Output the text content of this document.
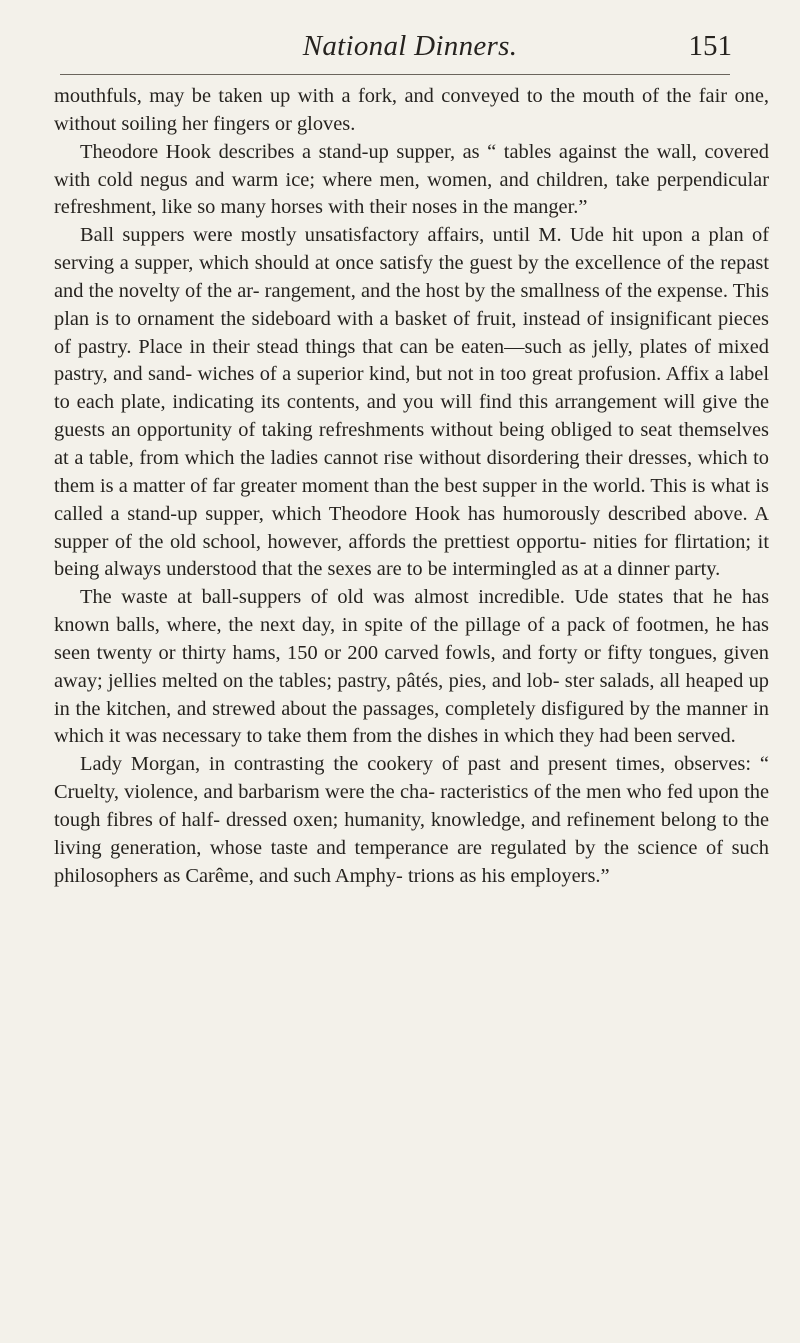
National Dinners.	151

mouthfuls, may be taken up with a fork, and conveyed to the mouth of the fair one, without soiling her fingers or gloves.

Theodore Hook describes a stand-up supper, as “ tables against the wall, covered with cold negus and warm ice; where men, women, and children, take perpendicular refreshment, like so many horses with their noses in the manger.”

Ball suppers were mostly unsatisfactory affairs, until M. Ude hit upon a plan of serving a supper, which should at once satisfy the guest by the excellence of the repast and the novelty of the ar- rangement, and the host by the smallness of the expense. This plan is to ornament the sideboard with a basket of fruit, instead of insignificant pieces of pastry. Place in their stead things that can be eaten—such as jelly, plates of mixed pastry, and sand- wiches of a superior kind, but not in too great profusion. Affix a label to each plate, indicating its contents, and you will find this arrangement will give the guests an opportunity of taking refreshments without being obliged to seat themselves at a table, from which the ladies cannot rise without disordering their dresses, which to them is a matter of far greater moment than the best supper in the world. This is what is called a stand-up supper, which Theodore Hook has humorously described above. A supper of the old school, however, affords the prettiest opportu- nities for flirtation; it being always understood that the sexes are to be intermingled as at a dinner party.

The waste at ball-suppers of old was almost incredible. Ude states that he has known balls, where, the next day, in spite of the pillage of a pack of footmen, he has seen twenty or thirty hams, 150 or 200 carved fowls, and forty or fifty tongues, given away; jellies melted on the tables; pastry, pâtés, pies, and lob- ster salads, all heaped up in the kitchen, and strewed about the passages, completely disfigured by the manner in which it was necessary to take them from the dishes in which they had been served.

Lady Morgan, in contrasting the cookery of past and present times, observes: “ Cruelty, violence, and barbarism were the cha- racteristics of the men who fed upon the tough fibres of half- dressed oxen; humanity, knowledge, and refinement belong to the living generation, whose taste and temperance are regulated by the science of such philosophers as Carême, and such Amphy- trions as his employers.”
